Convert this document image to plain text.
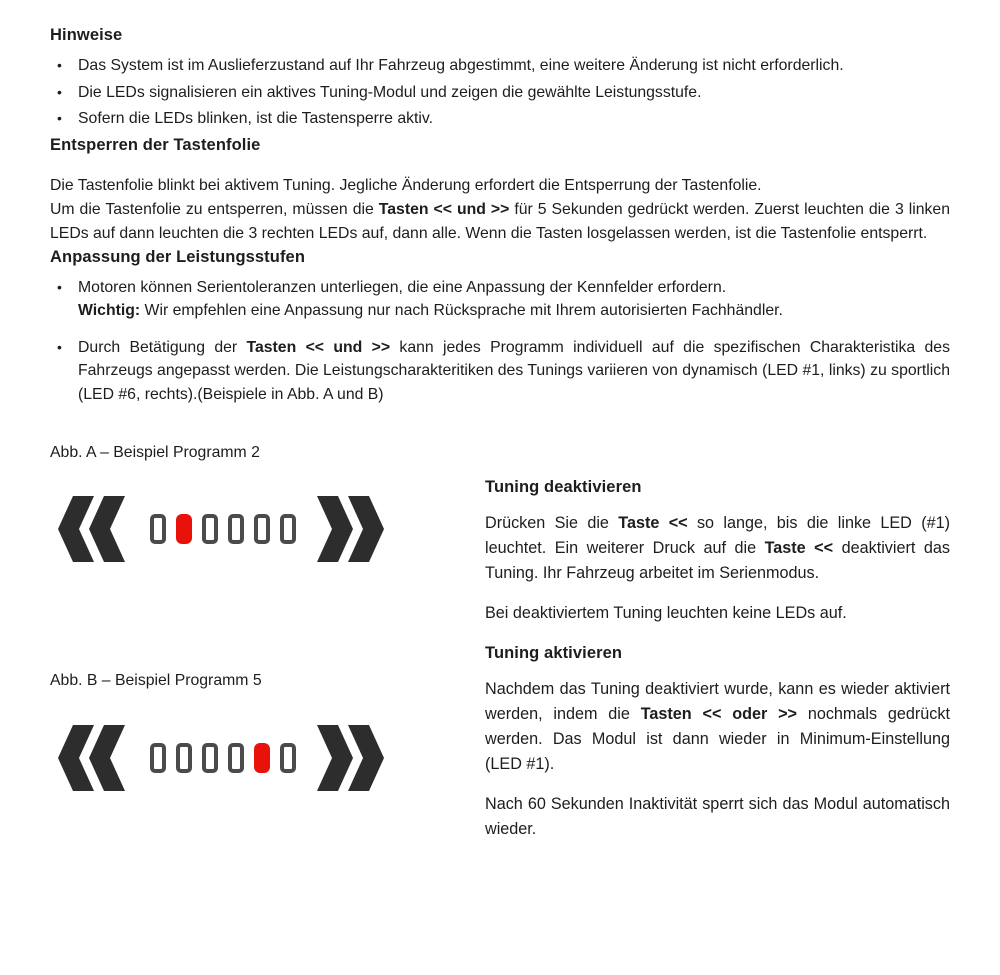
Hinweise
•	Das System ist im Auslieferzustand auf Ihr Fahrzeug abgestimmt, eine weitere Änderung ist nicht erforderlich.
•	Die LEDs signalisieren ein aktives Tuning-Modul und zeigen die gewählte Leistungsstufe.
•	Sofern die LEDs blinken, ist die Tastensperre aktiv.
Entsperren der Tastenfolie

Die Tastenfolie blinkt bei aktivem Tuning. Jegliche Änderung erfordert die Entsperrung der Tastenfolie.

Um die Tastenfolie zu entsperren, müssen die Tasten << und >> für 5 Sekunden gedrückt werden. Zuerst leuchten die 3 linken LEDs auf dann leuchten die 3 rechten LEDs auf, dann alle. Wenn die Tasten losgelassen werden, ist die Tastenfolie entsperrt.

Anpassung der Leistungsstufen
•	Motoren können Serientoleranzen unterliegen, die eine Anpassung der Kennfelder erfordern.
Wichtig: Wir empfehlen eine Anpassung nur nach Rücksprache mit Ihrem autorisierten Fachhändler.
•	Durch Betätigung der Tasten << und >> kann jedes Programm individuell auf die spezifischen Charakteristika des Fahrzeugs angepasst werden. Die Leistungscharakteritiken des Tunings variieren von dynamisch (LED #1, links) zu sportlich (LED #6, rechts).(Beispiele in Abb. A und B)

Abb. A – Beispiel Programm 2

Abb. B – Beispiel Programm 5

Tuning deaktivieren

Drücken Sie die Taste << so lange, bis die linke LED (#1) leuchtet. Ein weiterer Druck auf die Taste << deaktiviert das Tuning. Ihr Fahrzeug arbeitet im Serienmodus.

Bei deaktiviertem Tuning leuchten keine LEDs auf.

Tuning aktivieren

Nachdem das Tuning deaktiviert wurde, kann es wieder aktiviert werden, indem die Tasten << oder >> nochmals gedrückt werden. Das Modul ist dann wieder in Minimum-Einstellung (LED #1).

Nach 60 Sekunden Inaktivität sperrt sich das Modul automatisch wieder.
